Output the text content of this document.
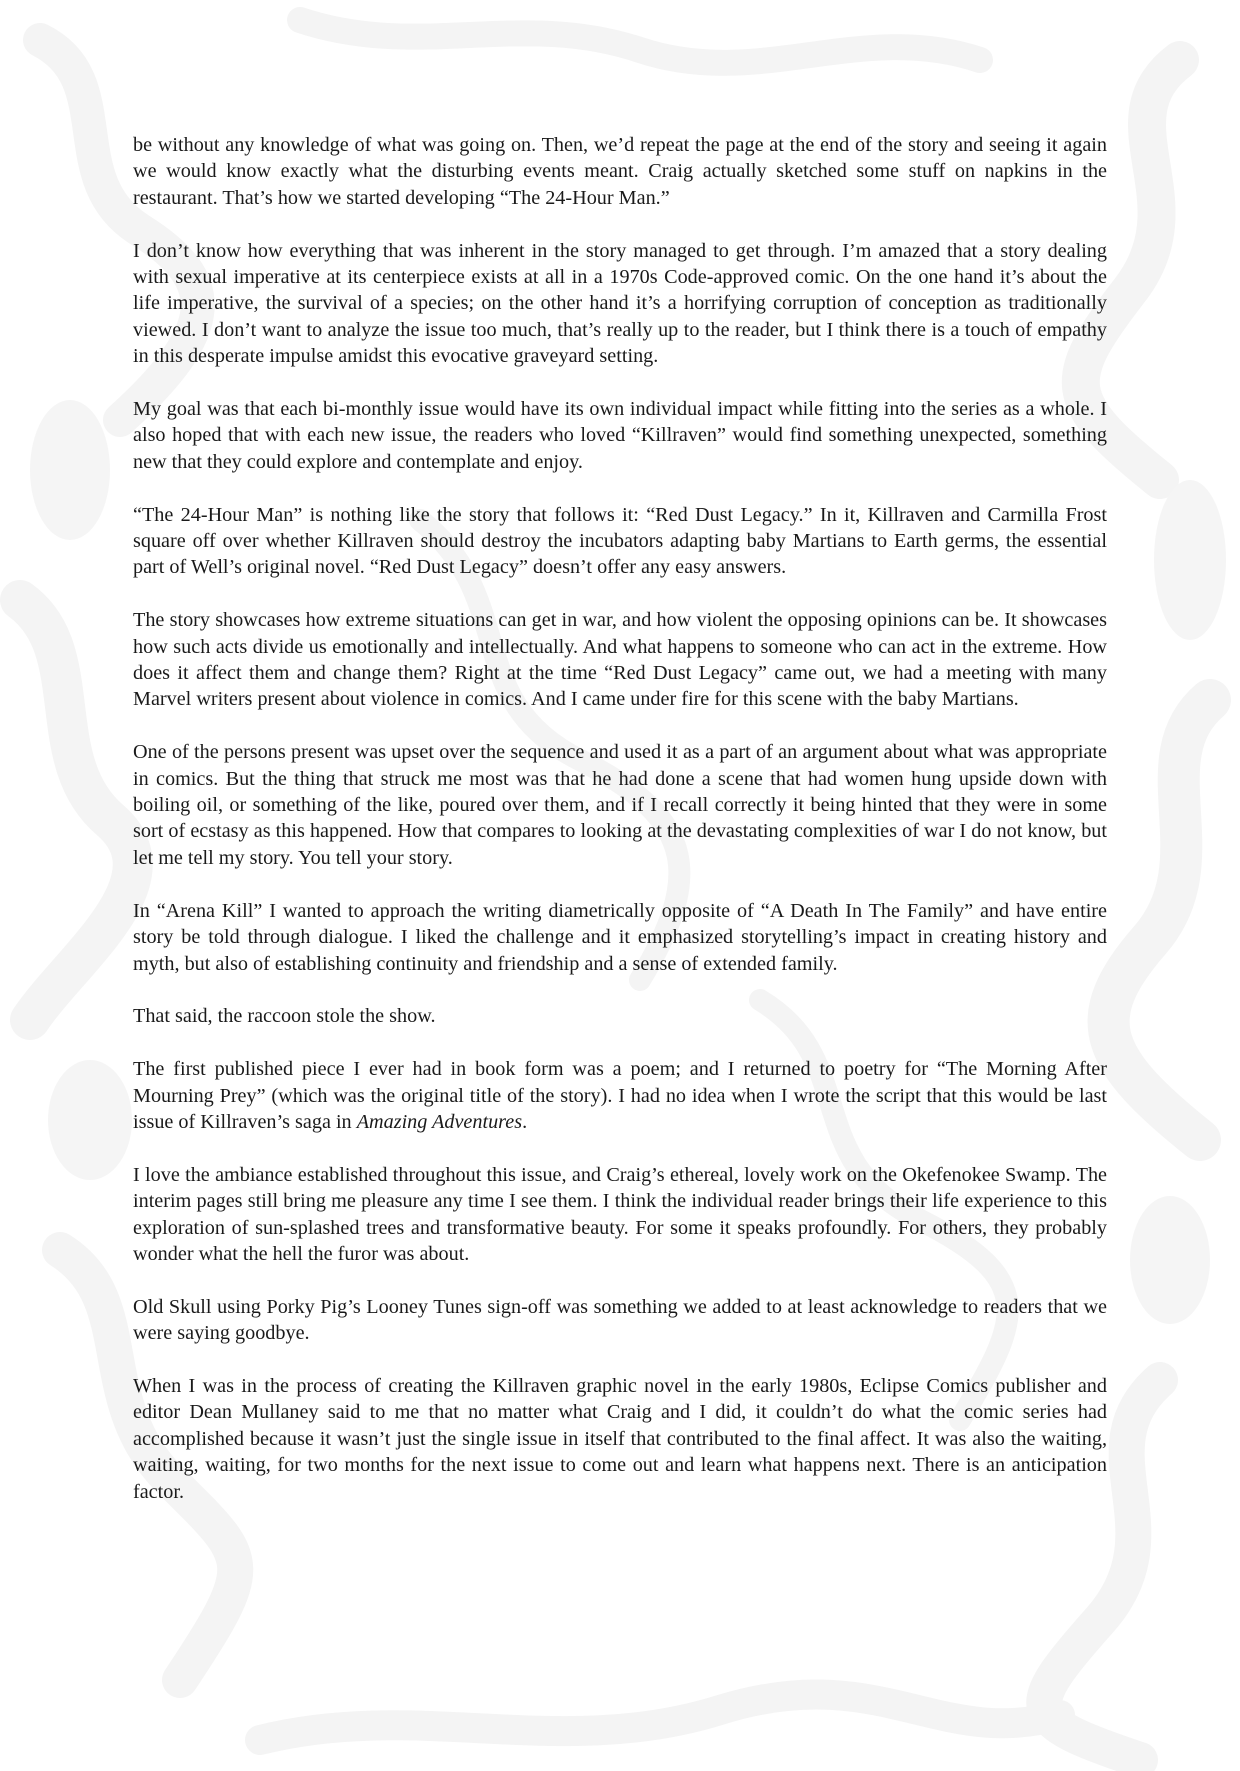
be without any knowledge of what was going on. Then, we’d repeat the page at the end of the story and seeing it again we would know exactly what the disturbing events meant. Craig actually sketched some stuff on napkins in the restaurant. That’s how we started developing “The 24-Hour Man.”

I don’t know how everything that was inherent in the story managed to get through. I’m amazed that a story dealing with sexual imperative at its centerpiece exists at all in a 1970s Code-approved comic. On the one hand it’s about the life imperative, the survival of a species; on the other hand it’s a horrifying corruption of conception as traditionally viewed. I don’t want to analyze the issue too much, that’s really up to the reader, but I think there is a touch of empathy in this desperate impulse amidst this evocative graveyard setting.

My goal was that each bi-monthly issue would have its own individual impact while fitting into the series as a whole. I also hoped that with each new issue, the readers who loved “Killraven” would find something unexpected, something new that they could explore and contemplate and enjoy.

“The 24-Hour Man” is nothing like the story that follows it: “Red Dust Legacy.” In it, Killraven and Carmilla Frost square off over whether Killraven should destroy the incubators adapting baby Martians to Earth germs, the essential part of Well’s original novel. “Red Dust Legacy” doesn’t offer any easy answers.

The story showcases how extreme situations can get in war, and how violent the opposing opinions can be. It showcases how such acts divide us emotionally and intellectually. And what happens to someone who can act in the extreme. How does it affect them and change them? Right at the time “Red Dust Legacy” came out, we had a meeting with many Marvel writers present about violence in comics. And I came under fire for this scene with the baby Martians.

One of the persons present was upset over the sequence and used it as a part of an argument about what was appropriate in comics. But the thing that struck me most was that he had done a scene that had women hung upside down with boiling oil, or something of the like, poured over them, and if I recall correctly it being hinted that they were in some sort of ecstasy as this happened. How that compares to looking at the devastating complexities of war I do not know, but let me tell my story. You tell your story.

In “Arena Kill” I wanted to approach the writing diametrically opposite of “A Death In The Family” and have entire story be told through dialogue. I liked the challenge and it emphasized storytelling’s impact in creating history and myth, but also of establishing continuity and friendship and a sense of extended family.

That said, the raccoon stole the show.

The first published piece I ever had in book form was a poem; and I returned to poetry for “The Morning After Mourning Prey” (which was the original title of the story). I had no idea when I wrote the script that this would be last issue of Killraven’s saga in Amazing Adventures.

I love the ambiance established throughout this issue, and Craig’s ethereal, lovely work on the Okefenokee Swamp. The interim pages still bring me pleasure any time I see them. I think the individual reader brings their life experience to this exploration of sun-splashed trees and transformative beauty. For some it speaks profoundly. For others, they probably wonder what the hell the furor was about.

Old Skull using Porky Pig’s Looney Tunes sign-off was something we added to at least acknowledge to readers that we were saying goodbye.

When I was in the process of creating the Killraven graphic novel in the early 1980s, Eclipse Comics publisher and editor Dean Mullaney said to me that no matter what Craig and I did, it couldn’t do what the comic series had accomplished because it wasn’t just the single issue in itself that contributed to the final affect. It was also the waiting, waiting, waiting, for two months for the next issue to come out and learn what happens next. There is an anticipation factor.
